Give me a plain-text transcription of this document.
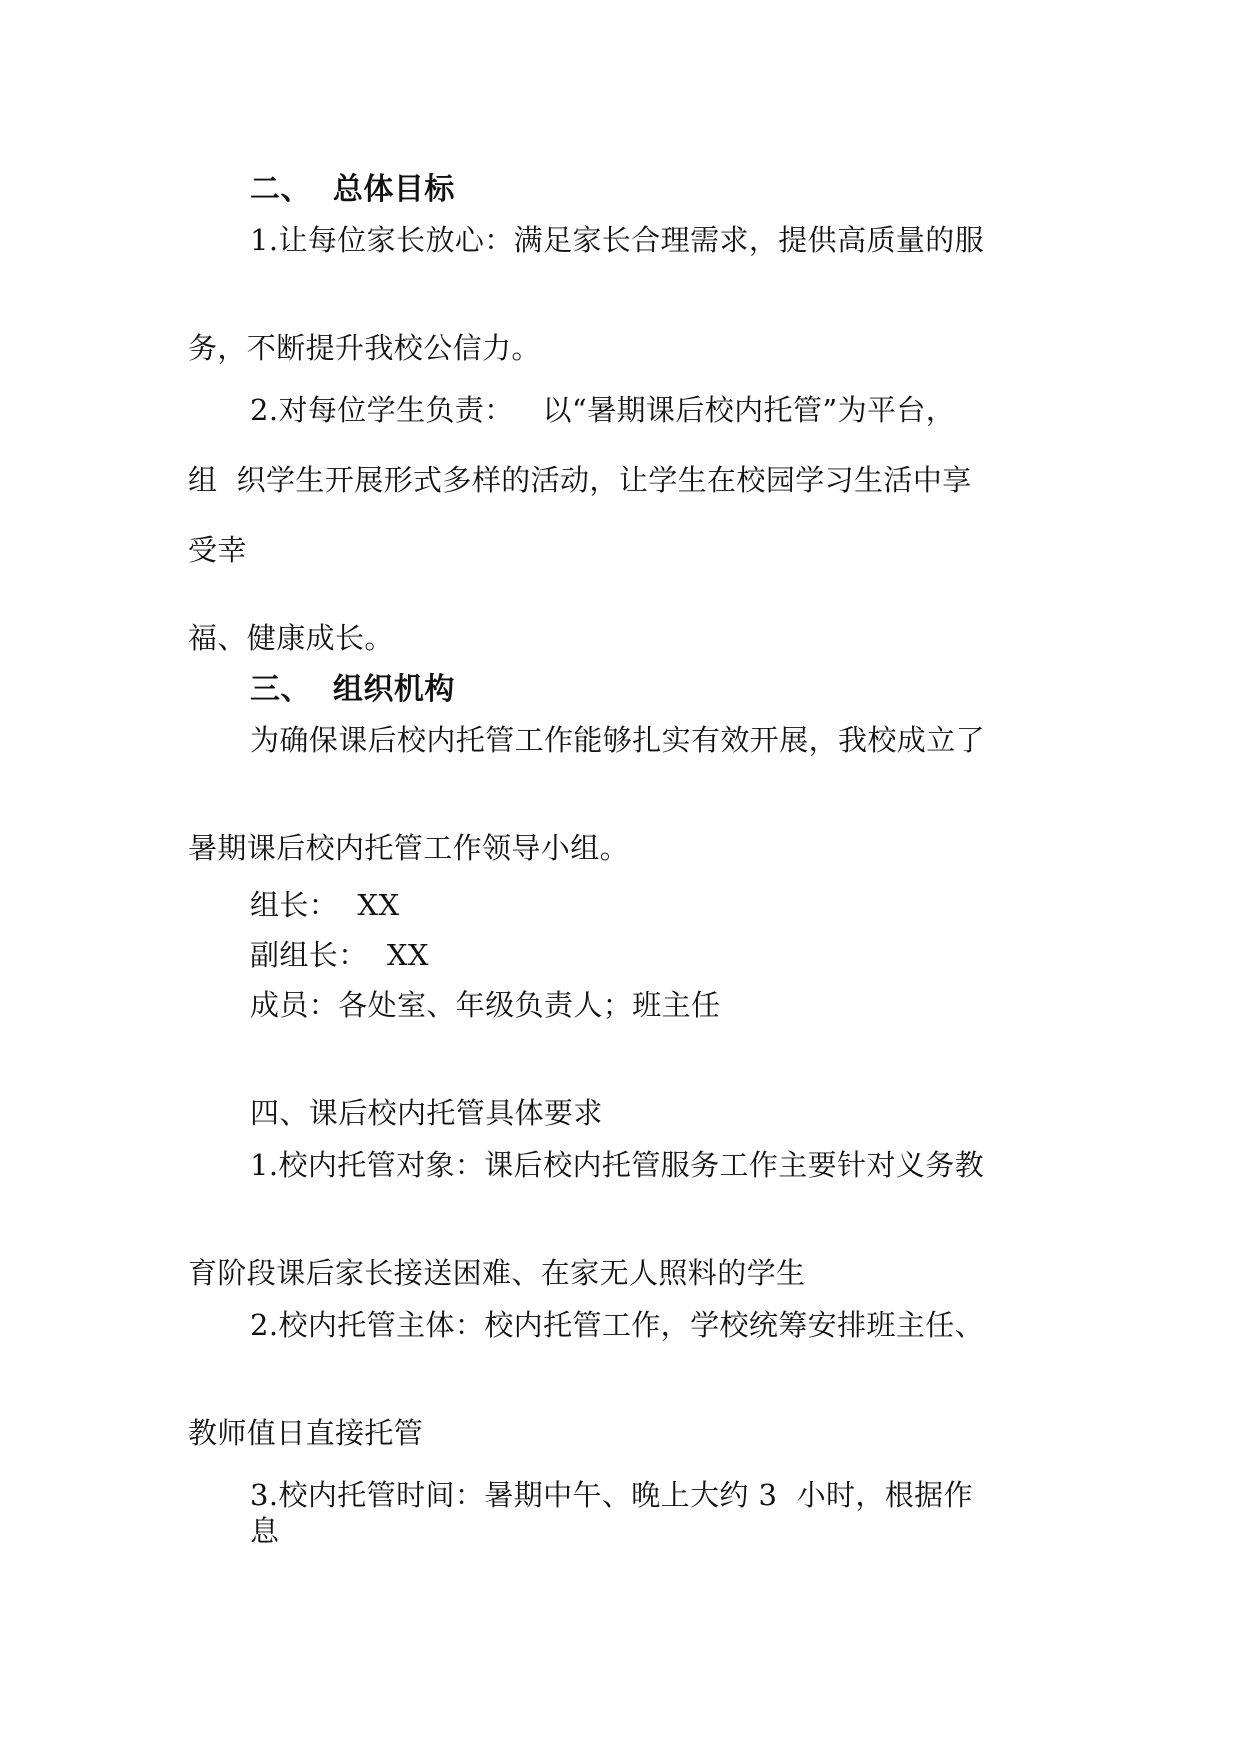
二、  总体目标
1.让每位家长放心：满足家长合理需求，提供高质量的服
务，不断提升我校公信力。
2.对每位学生负责：   以“暑期课后校内托管”为平台，
组  织学生开展形式多样的活动，让学生在校园学习生活中享
受幸
福、健康成长。
三、  组织机构
为确保课后校内托管工作能够扎实有效开展，我校成立了
暑期课后校内托管工作领导小组。
组长：  XX
副组长：  XX
成员：各处室、年级负责人；班主任
四、课后校内托管具体要求
1.校内托管对象：课后校内托管服务工作主要针对义务教
育阶段课后家长接送困难、在家无人照料的学生
2.校内托管主体：校内托管工作，学校统筹安排班主任、
教师值日直接托管
3.校内托管时间：暑期中午、晚上大约 3  小时，根据作
息
